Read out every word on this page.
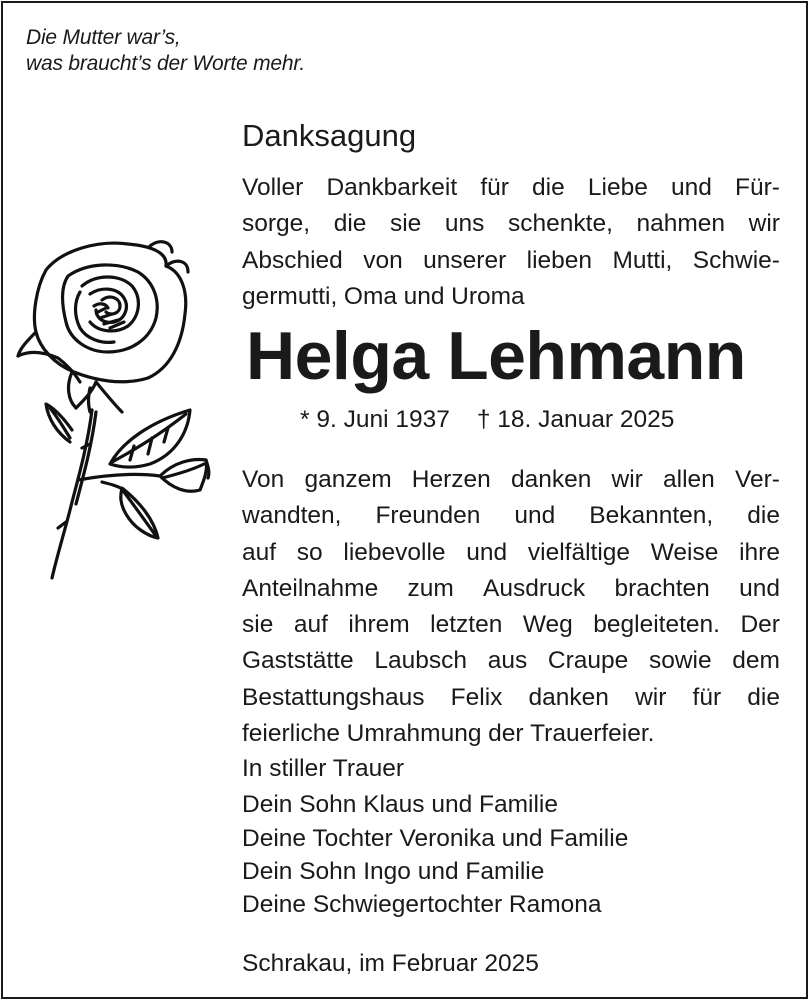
Die Mutter war’s,
was braucht’s der Worte mehr.
Danksagung
Voller Dankbarkeit für die Liebe und Für-
sorge, die sie uns schenkte, nahmen wir
Abschied von unserer lieben Mutti, Schwie-
germutti, Oma und Uroma
Helga Lehmann
* 9. Juni 1937 † 18. Januar 2025
Von ganzem Herzen danken wir allen Ver-
wandten, Freunden und Bekannten, die
auf so liebevolle und vielfältige Weise ihre
Anteilnahme zum Ausdruck brachten und
sie auf ihrem letzten Weg begleiteten. Der
Gaststätte Laubsch aus Craupe sowie dem
Bestattungshaus Felix danken wir für die
feierliche Umrahmung der Trauerfeier.
In stiller Trauer
Dein Sohn Klaus und Familie
Deine Tochter Veronika und Familie
Dein Sohn Ingo und Familie
Deine Schwiegertochter Ramona
Schrakau, im Februar 2025
